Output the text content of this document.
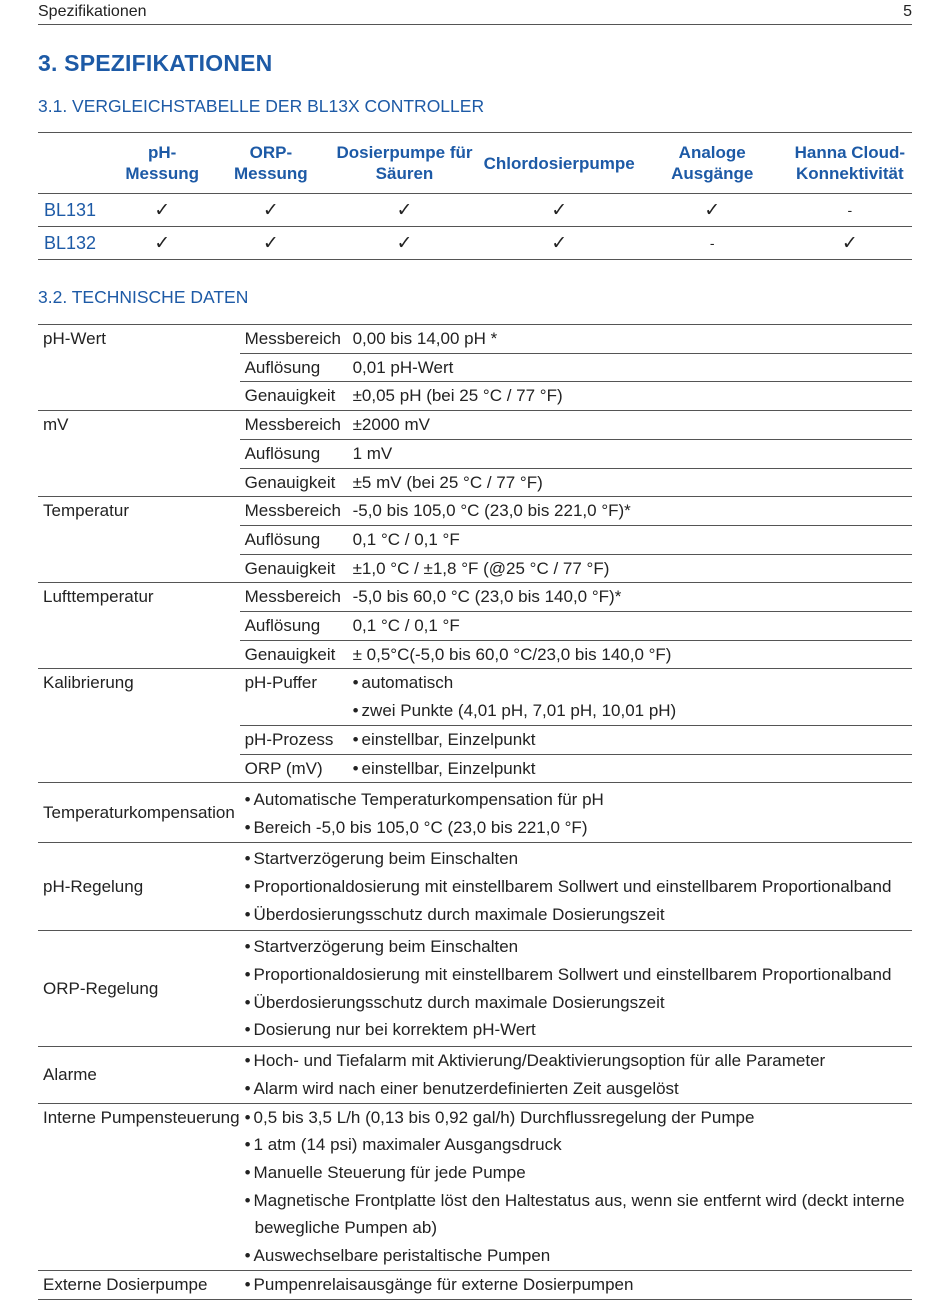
Spezifikationen	5
3. SPEZIFIKATIONEN
3.1. VERGLEICHSTABELLE DER BL13X CONTROLLER
	pH-Messung	ORP-Messung	Dosierpumpe für Säuren	Chlordosierpumpe	Analoge Ausgänge	Hanna Cloud-Konnektivität
BL131	✓	✓	✓	✓	✓	-
BL132	✓	✓	✓	✓	-	✓
3.2. TECHNISCHE DATEN
pH-Wert	Messbereich	0,00 bis 14,00 pH *
	Auflösung	0,01 pH-Wert
	Genauigkeit	±0,05 pH (bei 25 °C / 77 °F)
mV	Messbereich	±2000 mV
	Auflösung	1 mV
	Genauigkeit	±5 mV (bei 25 °C / 77 °F)
Temperatur	Messbereich	-5,0 bis 105,0 °C (23,0 bis 221,0 °F)*
	Auflösung	0,1 °C / 0,1 °F
	Genauigkeit	±1,0 °C / ±1,8 °F (@25 °C / 77 °F)
Lufttemperatur	Messbereich	-5,0 bis 60,0 °C (23,0 bis 140,0 °F)*
	Auflösung	0,1 °C / 0,1 °F
	Genauigkeit	± 0,5°C(-5,0 bis 60,0 °C/23,0 bis 140,0 °F)
Kalibrierung	pH-Puffer	• automatisch
• zwei Punkte (4,01 pH, 7,01 pH, 10,01 pH)

	pH-Prozess	• einstellbar, Einzelpunkt

	ORP (mV)	• einstellbar, Einzelpunkt

Temperaturkompensation	• Automatische Temperaturkompensation für pH
• Bereich -5,0 bis 105,0 °C (23,0 bis 221,0 °F)

pH-Regelung	• Startverzögerung beim Einschalten
• Proportionaldosierung mit einstellbarem Sollwert und einstellbarem Proportionalband
• Überdosierungsschutz durch maximale Dosierungszeit

ORP-Regelung	• Startverzögerung beim Einschalten
• Proportionaldosierung mit einstellbarem Sollwert und einstellbarem Proportionalband
• Überdosierungsschutz durch maximale Dosierungszeit
• Dosierung nur bei korrektem pH-Wert

Alarme	• Hoch- und Tiefalarm mit Aktivierung/Deaktivierungsoption für alle Parameter
• Alarm wird nach einer benutzerdefinierten Zeit ausgelöst

Interne Pumpensteuerung	• 0,5 bis 3,5 L/h (0,13 bis 0,92 gal/h) Durchflussregelung der Pumpe
• 1 atm (14 psi) maximaler Ausgangsdruck
• Manuelle Steuerung für jede Pumpe
• Magnetische Frontplatte löst den Haltestatus aus, wenn sie entfernt wird (deckt interne bewegliche Pumpen ab)
• Auswechselbare peristaltische Pumpen

Externe Dosierpumpe	• Pumpenrelaisausgänge für externe Dosierpumpen
